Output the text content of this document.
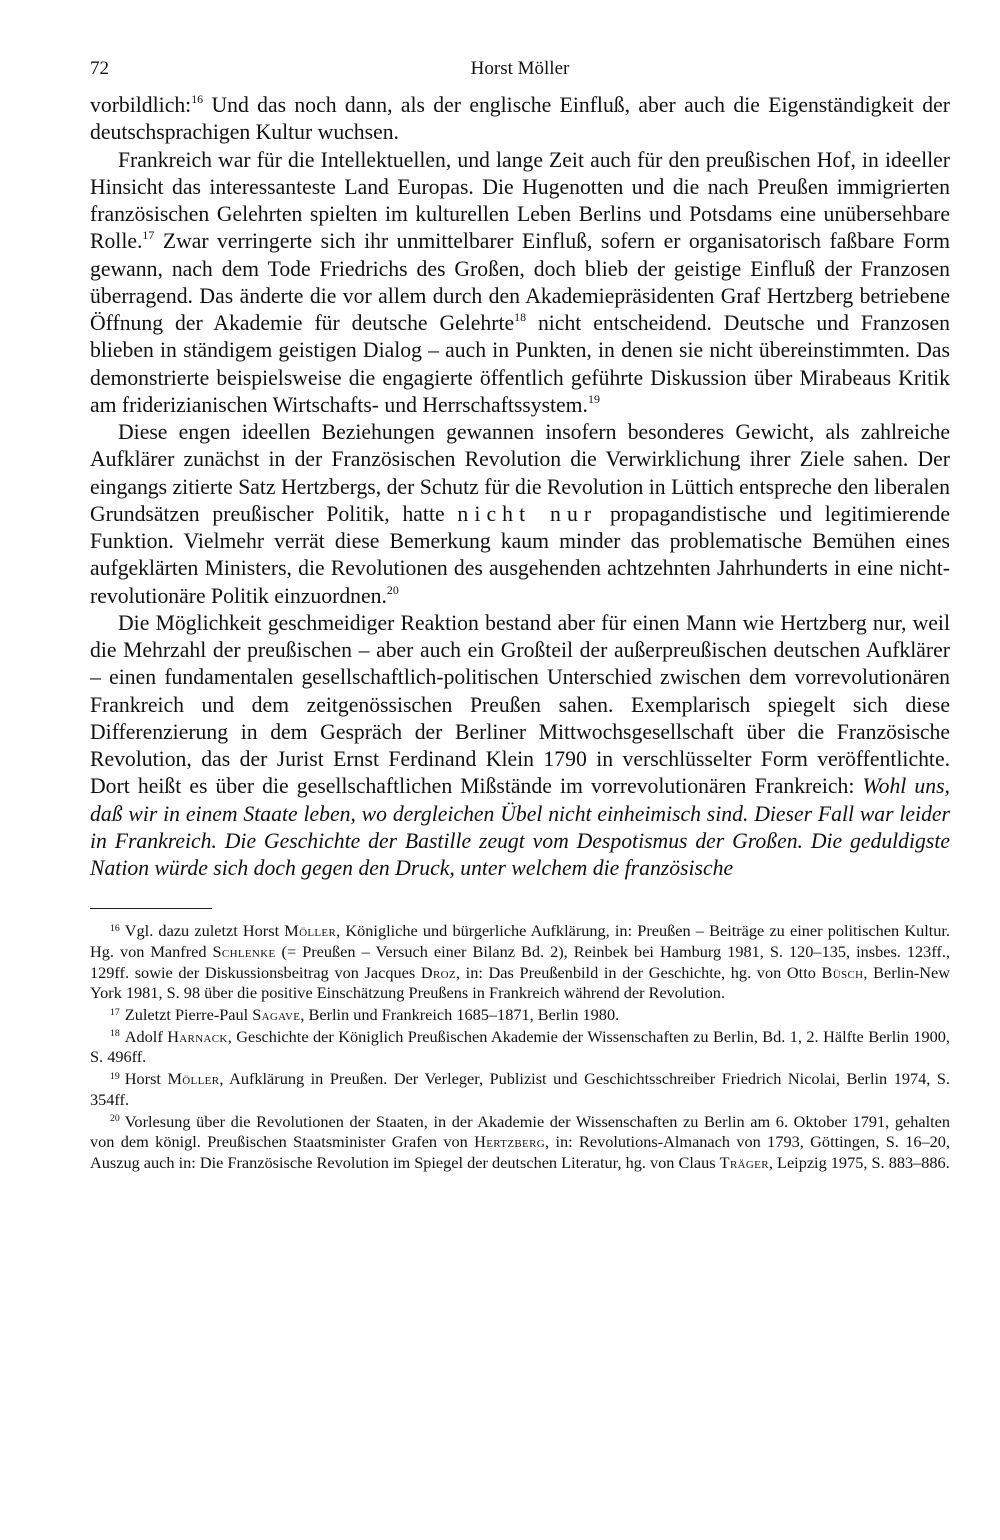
72	Horst Möller

vorbildlich:$^{16}$ Und das noch dann, als der englische Einfluß, aber auch die Eigenständigkeit der deutschsprachigen Kultur wuchsen.

Frankreich war für die Intellektuellen, und lange Zeit auch für den preußischen Hof, in ideeller Hinsicht das interessanteste Land Europas. Die Hugenotten und die nach Preußen immigrierten französischen Gelehrten spielten im kulturellen Leben Berlins und Potsdams eine unübersehbare Rolle.$^{17}$ Zwar verringerte sich ihr unmittelbarer Einfluß, sofern er organisatorisch faßbare Form gewann, nach dem Tode Friedrichs des Großen, doch blieb der geistige Einfluß der Franzosen überragend. Das änderte die vor allem durch den Akademiepräsidenten Graf Hertzberg betriebene Öffnung der Akademie für deutsche Gelehrte$^{18}$ nicht entscheidend. Deutsche und Franzosen blieben in ständigem geistigen Dialog – auch in Punkten, in denen sie nicht übereinstimmten. Das demonstrierte beispielsweise die engagierte öffentlich geführte Diskussion über Mirabeaus Kritik am friderizianischen Wirtschafts- und Herrschaftssystem.$^{19}$

Diese engen ideellen Beziehungen gewannen insofern besonderes Gewicht, als zahlreiche Aufklärer zunächst in der Französischen Revolution die Verwirklichung ihrer Ziele sahen. Der eingangs zitierte Satz Hertzbergs, der Schutz für die Revolution in Lüttich entspreche den liberalen Grundsätzen preußischer Politik, hatte nicht nur propagandistische und legitimierende Funktion. Vielmehr verrät diese Bemerkung kaum minder das problematische Bemühen eines aufgeklärten Ministers, die Revolutionen des ausgehenden achtzehnten Jahrhunderts in eine nicht-revolutionäre Politik einzuordnen.$^{20}$

Die Möglichkeit geschmeidiger Reaktion bestand aber für einen Mann wie Hertzberg nur, weil die Mehrzahl der preußischen – aber auch ein Großteil der außerpreußischen deutschen Aufklärer – einen fundamentalen gesellschaftlich-politischen Unterschied zwischen dem vorrevolutionären Frankreich und dem zeitgenössischen Preußen sahen. Exemplarisch spiegelt sich diese Differenzierung in dem Gespräch der Berliner Mittwochsgesellschaft über die Französische Revolution, das der Jurist Ernst Ferdinand Klein 1790 in verschlüsselter Form veröffentlichte. Dort heißt es über die gesellschaftlichen Mißstände im vorrevolutionären Frankreich: Wohl uns, daß wir in einem Staate leben, wo dergleichen Übel nicht einheimisch sind. Dieser Fall war leider in Frankreich. Die Geschichte der Bastille zeugt vom Despotismus der Großen. Die geduldigste Nation würde sich doch gegen den Druck, unter welchem die französische

$^{16}$ Vgl. dazu zuletzt Horst Möller, Königliche und bürgerliche Aufklärung, in: Preußen – Beiträge zu einer politischen Kultur. Hg. von Manfred Schlenke (= Preußen – Versuch einer Bilanz Bd. 2), Reinbek bei Hamburg 1981, S. 120–135, insbes. 123ff., 129ff. sowie der Diskussionsbeitrag von Jacques Droz, in: Das Preußenbild in der Geschichte, hg. von Otto Büsch, Berlin-New York 1981, S. 98 über die positive Einschätzung Preußens in Frankreich während der Revolution.

$^{17}$ Zuletzt Pierre-Paul Sagave, Berlin und Frankreich 1685–1871, Berlin 1980.

$^{18}$ Adolf Harnack, Geschichte der Königlich Preußischen Akademie der Wissenschaften zu Berlin, Bd. 1, 2. Hälfte Berlin 1900, S. 496ff.

$^{19}$ Horst Möller, Aufklärung in Preußen. Der Verleger, Publizist und Geschichtsschreiber Friedrich Nicolai, Berlin 1974, S. 354ff.

$^{20}$ Vorlesung über die Revolutionen der Staaten, in der Akademie der Wissenschaften zu Berlin am 6. Oktober 1791, gehalten von dem königl. Preußischen Staatsminister Grafen von Hertzberg, in: Revolutions-Almanach von 1793, Göttingen, S. 16–20, Auszug auch in: Die Französische Revolution im Spiegel der deutschen Literatur, hg. von Claus Träger, Leipzig 1975, S. 883–886.
